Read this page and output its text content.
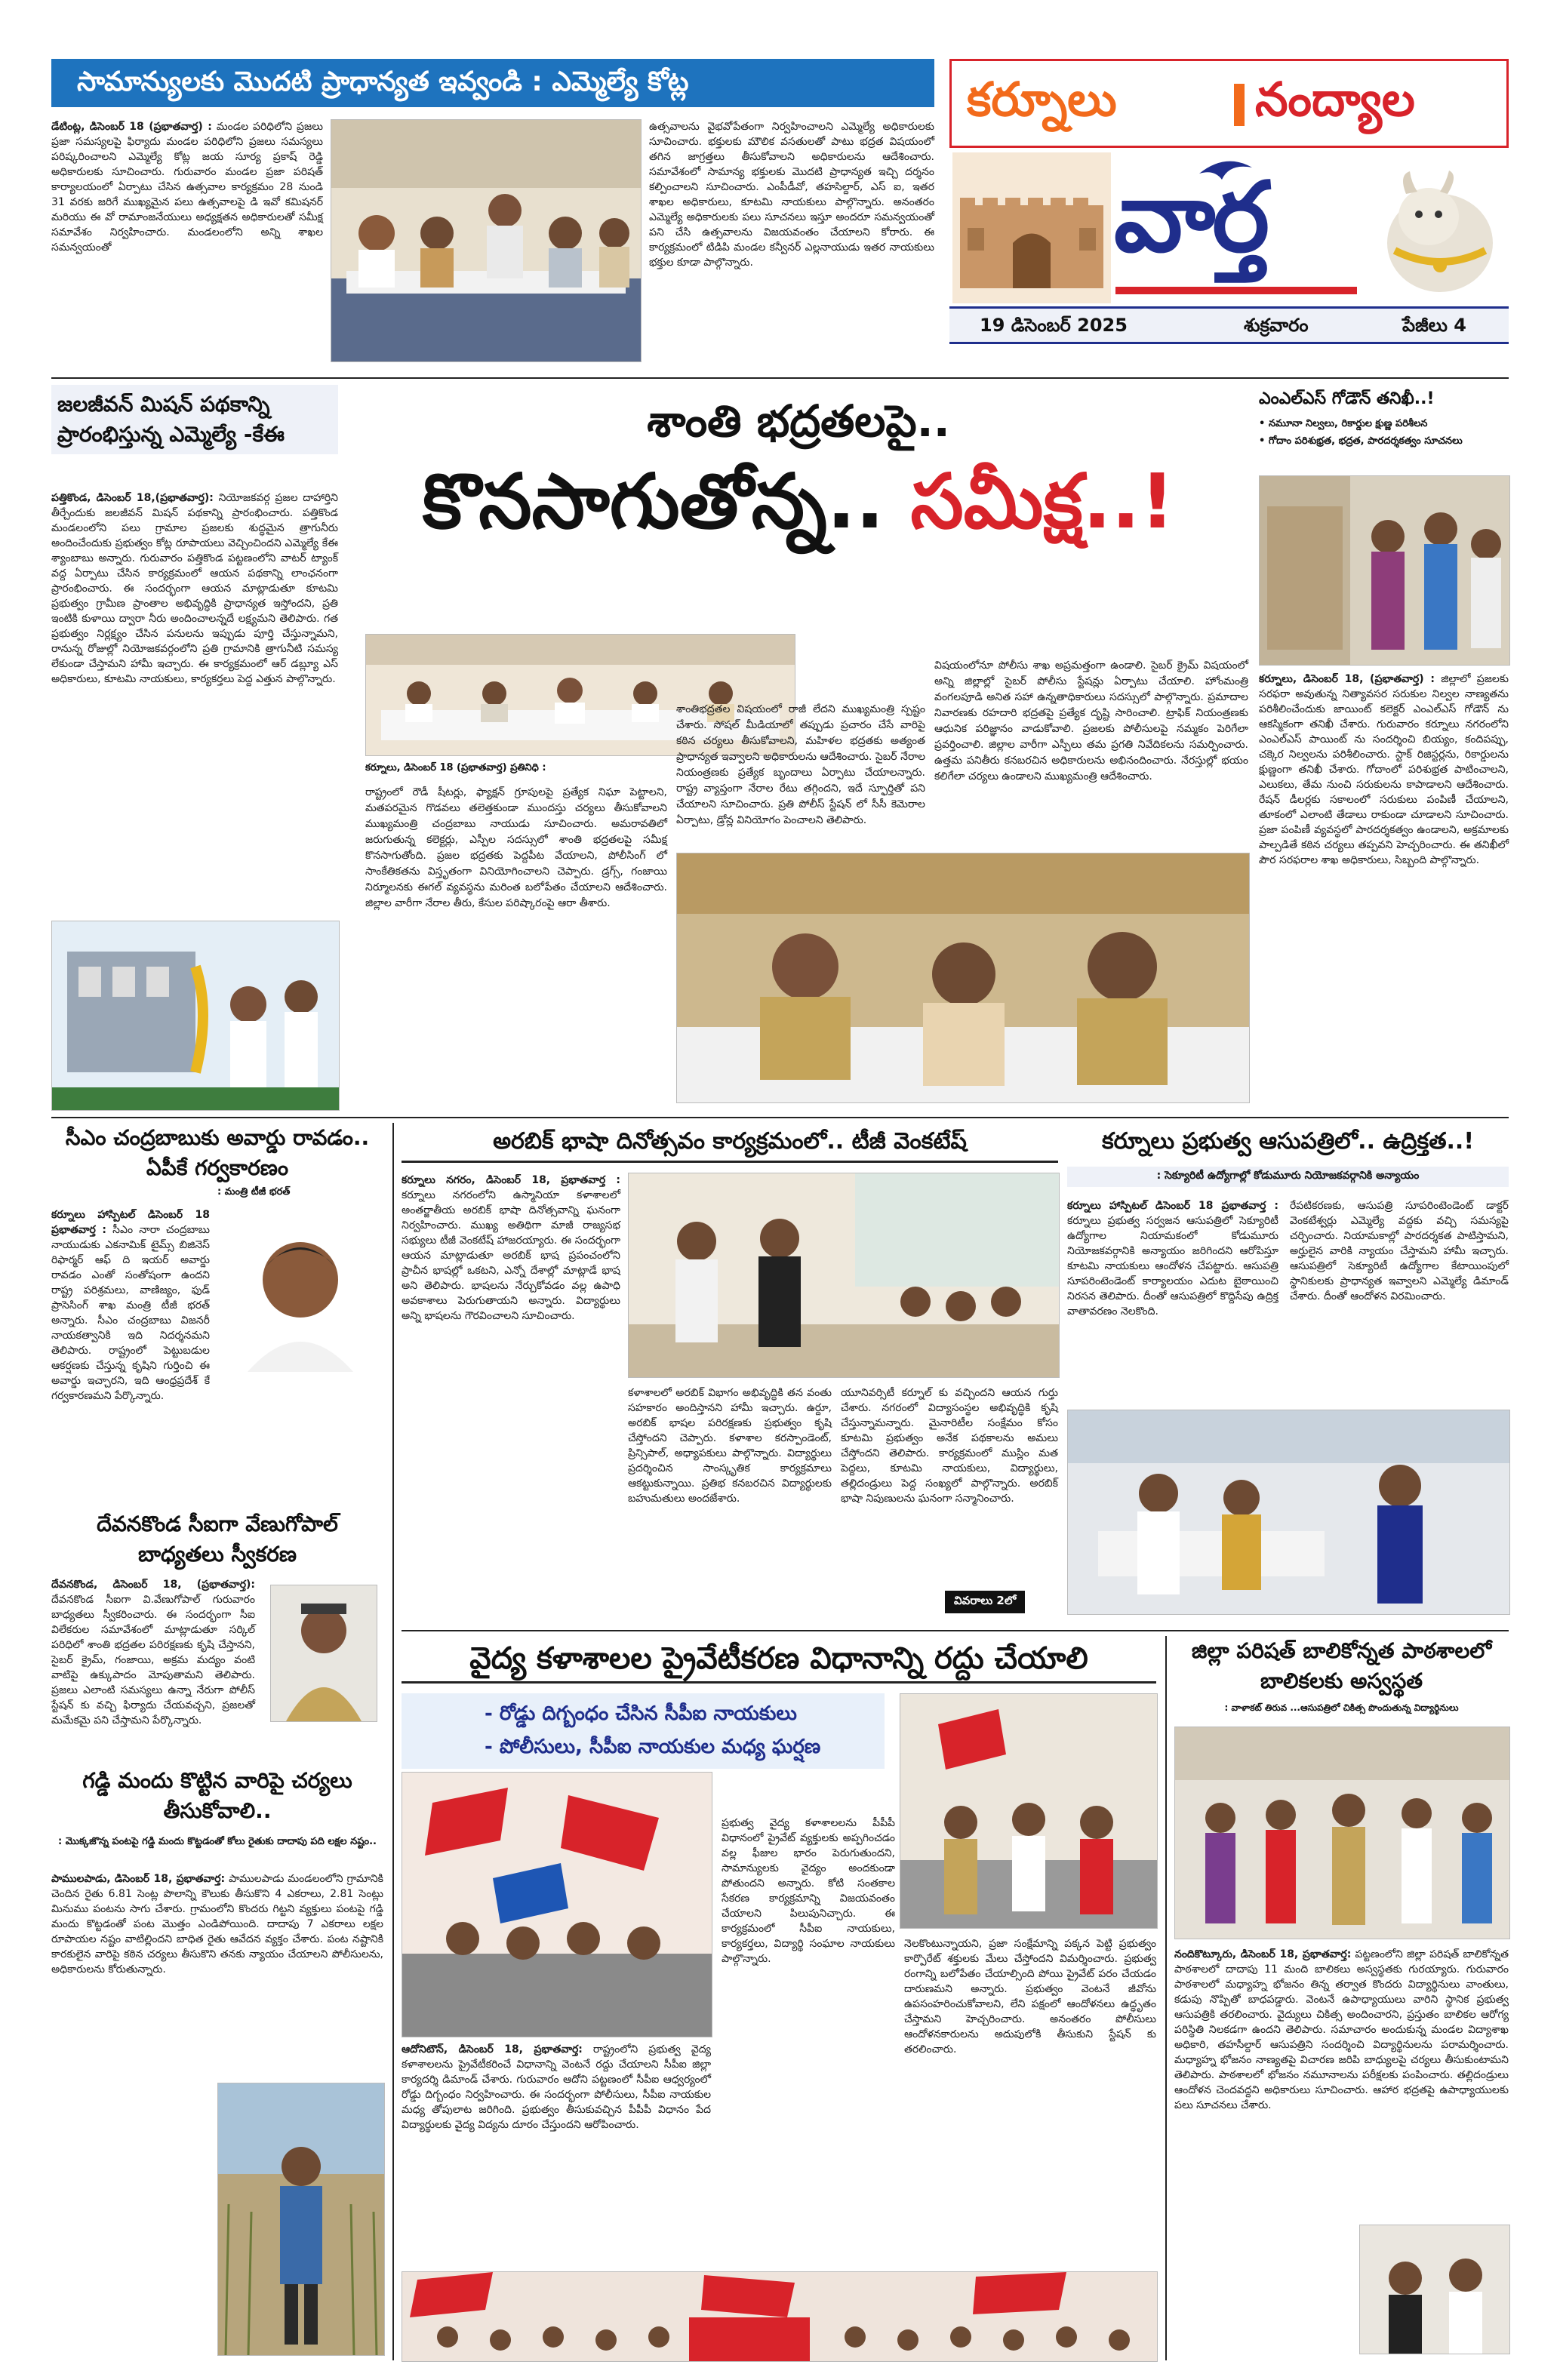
కర్నూలు	నంద్యాల
వార్త
19 డిసెంబర్ 2025	శుక్రవారం	పేజీలు 4
సామాన్యులకు మొదటి ప్రాధాన్యత ఇవ్వండి : ఎమ్మెల్యే కోట్ల
డేటింట్ల, డిసెంబర్ 18 (ప్రభాతవార్త) : మండల పరిధిలోని ప్రజలు ప్రజా సమస్యలపై ఫిర్యాదు మండల పరిధిలోని ప్రజలు సమస్యలు పరిష్కరించాలని ఎమ్మెల్యే కోట్ల జయ సూర్య ప్రకాష్ రెడ్డి అధికారులకు సూచించారు. గురువారం మండల ప్రజా పరిషత్ కార్యాలయంలో ఏర్పాటు చేసిన ఉత్సవాల కార్యక్రమం 28 నుండి 31 వరకు జరిగే ముఖ్యమైన పలు ఉత్సవాలపై డి ఇవో కమిషనర్ మరియు ఈ వో రామాంజనేయులు అధ్యక్షతన అధికారులతో సమీక్ష సమావేశం నిర్వహించారు. మండలంలోని అన్ని శాఖల సమన్వయంతో
ఉత్సవాలను వైభవోపేతంగా నిర్వహించాలని ఎమ్మెల్యే అధికారులకు సూచించారు. భక్తులకు మౌలిక వసతులతో పాటు భద్రత విషయంలో తగిన జాగ్రత్తలు తీసుకోవాలని అధికారులను ఆదేశించారు. సమావేశంలో సామాన్య భక్తులకు మొదటి ప్రాధాన్యత ఇచ్చి దర్శనం కల్పించాలని సూచించారు. ఎంపీడీవో, తహసిల్దార్, ఎస్ ఐ, ఇతర శాఖల అధికారులు, కూటమి నాయకులు పాల్గొన్నారు. అనంతరం ఎమ్మెల్యే అధికారులకు పలు సూచనలు ఇస్తూ అందరూ సమన్వయంతో పని చేసి ఉత్సవాలను విజయవంతం చేయాలని కోరారు. ఈ కార్యక్రమంలో టిడిపి మండల కన్వీనర్ ఎల్లనాయుడు ఇతర నాయకులు భక్తుల కూడా పాల్గొన్నారు.
జలజీవన్ మిషన్ పథకాన్ని ప్రారంభిస్తున్న ఎమ్మెల్యే -కేఈ
పత్తికొండ, డిసెంబర్ 18,(ప్రభాతవార్త): నియోజకవర్గ ప్రజల దాహార్తిని తీర్చేందుకు జలజీవన్ మిషన్ పథకాన్ని ప్రారంభించారు. పత్తికొండ మండలంలోని పలు గ్రామాల ప్రజలకు శుద్ధమైన త్రాగునీరు అందించేందుకు ప్రభుత్వం కోట్ల రూపాయలు వెచ్చించిందని ఎమ్మెల్యే కేఈ శ్యాంబాబు అన్నారు. గురువారం పత్తికొండ పట్టణంలోని వాటర్ ట్యాంక్ వద్ద ఏర్పాటు చేసిన కార్యక్రమంలో ఆయన పథకాన్ని లాంఛనంగా ప్రారంభించారు. ఈ సందర్భంగా ఆయన మాట్లాడుతూ కూటమి ప్రభుత్వం గ్రామీణ ప్రాంతాల అభివృద్ధికి ప్రాధాన్యత ఇస్తోందని, ప్రతి ఇంటికి కుళాయి ద్వారా నీరు అందించాలన్నదే లక్ష్యమని తెలిపారు. గత ప్రభుత్వం నిర్లక్ష్యం చేసిన పనులను ఇప్పుడు పూర్తి చేస్తున్నామని, రానున్న రోజుల్లో నియోజకవర్గంలోని ప్రతి గ్రామానికి త్రాగునీటి సమస్య లేకుండా చేస్తామని హామీ ఇచ్చారు. ఈ కార్యక్రమంలో ఆర్ డబ్ల్యూ ఎస్ అధికారులు, కూటమి నాయకులు, కార్యకర్తలు పెద్ద ఎత్తున పాల్గొన్నారు.
శాంతి భద్రతలపై..
కొనసాగుతోన్న.. సమీక్ష..!
కర్నూలు, డిసెంబర్ 18 (ప్రభాతవార్త) ప్రతినిధి :
రాష్ట్రంలో రౌడీ షీటర్లు, ఫ్యాక్షన్ గ్రూపులపై ప్రత్యేక నిఘా పెట్టాలని, మతపరమైన గొడవలు తలెత్తకుండా ముందస్తు చర్యలు తీసుకోవాలని ముఖ్యమంత్రి చంద్రబాబు నాయుడు సూచించారు. అమరావతిలో జరుగుతున్న కలెక్టర్లు, ఎస్పీల సదస్సులో శాంతి భద్రతలపై సమీక్ష కొనసాగుతోంది. ప్రజల భద్రతకు పెద్దపీట వేయాలని, పోలీసింగ్ లో సాంకేతికతను విస్తృతంగా వినియోగించాలని చెప్పారు. డ్రగ్స్, గంజాయి నిర్మూలనకు ఈగల్ వ్యవస్థను మరింత బలోపేతం చేయాలని ఆదేశించారు. జిల్లాల వారీగా నేరాల తీరు, కేసుల పరిష్కారంపై ఆరా తీశారు.
శాంతిభద్రతల విషయంలో రాజీ లేదని ముఖ్యమంత్రి స్పష్టం చేశారు. సోషల్ మీడియాలో తప్పుడు ప్రచారం చేసే వారిపై కఠిన చర్యలు తీసుకోవాలని, మహిళల భద్రతకు అత్యంత ప్రాధాన్యత ఇవ్వాలని అధికారులను ఆదేశించారు. సైబర్ నేరాల నియంత్రణకు ప్రత్యేక బృందాలు ఏర్పాటు చేయాలన్నారు. రాష్ట్ర వ్యాప్తంగా నేరాల రేటు తగ్గిందని, ఇదే స్ఫూర్తితో పని చేయాలని సూచించారు. ప్రతి పోలీస్ స్టేషన్ లో సీసీ కెమెరాల ఏర్పాటు, డ్రోన్ల వినియోగం పెంచాలని తెలిపారు.
విషయంలోనూ పోలీసు శాఖ అప్రమత్తంగా ఉండాలి. సైబర్ క్రైమ్ విషయంలో అన్ని జిల్లాల్లో సైబర్ పోలీసు స్టేషన్లు ఏర్పాటు చేయాలి. హోంమంత్రి వంగలపూడి అనిత సహా ఉన్నతాధికారులు సదస్సులో పాల్గొన్నారు. ప్రమాదాల నివారణకు రహదారి భద్రతపై ప్రత్యేక దృష్టి సారించాలి. ట్రాఫిక్ నియంత్రణకు ఆధునిక పరిజ్ఞానం వాడుకోవాలి. ప్రజలకు పోలీసులపై నమ్మకం పెరిగేలా ప్రవర్తించాలి. జిల్లాల వారీగా ఎస్పీలు తమ ప్రగతి నివేదికలను సమర్పించారు. ఉత్తమ పనితీరు కనబరచిన అధికారులను అభినందించారు. నేరస్తుల్లో భయం కలిగేలా చర్యలు ఉండాలని ముఖ్యమంత్రి ఆదేశించారు.
ఎంఎల్ఎస్ గోడౌన్ తనిఖీ..!
• నమూనా నిల్వలు, రికార్డుల క్షుణ్ణ పరిశీలన
• గోదాం పరిశుభ్రత, భద్రత, పారదర్శకత్వం సూచనలు
కర్నూలు, డిసెంబర్ 18, (ప్రభాతవార్త) : జిల్లాలో ప్రజలకు సరఫరా అవుతున్న నిత్యావసర సరుకుల నిల్వల నాణ్యతను పరిశీలించేందుకు జాయింట్ కలెక్టర్ ఎంఎల్ఎస్ గోడౌన్ ను ఆకస్మికంగా తనిఖీ చేశారు. గురువారం కర్నూలు నగరంలోని ఎంఎల్ఎస్ పాయింట్ ను సందర్శించి బియ్యం, కందిపప్పు, చక్కెర నిల్వలను పరిశీలించారు. స్టాక్ రిజిస్టర్లను, రికార్డులను క్షుణ్ణంగా తనిఖీ చేశారు. గోదాంలో పరిశుభ్రత పాటించాలని, ఎలుకలు, తేమ నుంచి సరుకులను కాపాడాలని ఆదేశించారు. రేషన్ డీలర్లకు సకాలంలో సరుకులు పంపిణీ చేయాలని, తూకంలో ఎలాంటి తేడాలు రాకుండా చూడాలని సూచించారు. ప్రజా పంపిణీ వ్యవస్థలో పారదర్శకత్వం ఉండాలని, అక్రమాలకు పాల్పడితే కఠిన చర్యలు తప్పవని హెచ్చరించారు. ఈ తనిఖీలో పౌర సరఫరాల శాఖ అధికారులు, సిబ్బంది పాల్గొన్నారు.
సీఎం చంద్రబాబుకు అవార్డు రావడం.. ఏపీకే గర్వకారణం
: మంత్రి టీజీ భరత్
కర్నూలు హాస్పిటల్ డిసెంబర్ 18 ప్రభాతవార్త : సీఎం నారా చంద్రబాబు నాయుడుకు ఎకనామిక్ టైమ్స్ బిజినెస్ రిఫార్మర్ ఆఫ్ ది ఇయర్ అవార్డు రావడం ఎంతో సంతోషంగా ఉందని రాష్ట్ర పరిశ్రమలు, వాణిజ్యం, ఫుడ్ ప్రాసెసింగ్ శాఖ మంత్రి టీజీ భరత్ అన్నారు. సీఎం చంద్రబాబు విజనరీ నాయకత్వానికి ఇది నిదర్శనమని తెలిపారు. రాష్ట్రంలో పెట్టుబడుల ఆకర్షణకు చేస్తున్న కృషిని గుర్తించి ఈ అవార్డు ఇచ్చారని, ఇది ఆంధ్రప్రదేశ్ కే గర్వకారణమని పేర్కొన్నారు.
దేవనకొండ సీఐగా వేణుగోపాల్ బాధ్యతలు స్వీకరణ
దేవనకొండ, డిసెంబర్ 18, (ప్రభాతవార్త): దేవనకొండ సీఐగా వి.వేణుగోపాల్ గురువారం బాధ్యతలు స్వీకరించారు. ఈ సందర్భంగా సీఐ విలేకరుల సమావేశంలో మాట్లాడుతూ సర్కిల్ పరిధిలో శాంతి భద్రతల పరిరక్షణకు కృషి చేస్తానని, సైబర్ క్రైమ్, గంజాయి, అక్రమ మద్యం వంటి వాటిపై ఉక్కుపాదం మోపుతామని తెలిపారు. ప్రజలు ఎలాంటి సమస్యలు ఉన్నా నేరుగా పోలీస్ స్టేషన్ కు వచ్చి ఫిర్యాదు చేయవచ్చని, ప్రజలతో మమేకమై పని చేస్తామని పేర్కొన్నారు.
గడ్డి మందు కొట్టిన వారిపై చర్యలు తీసుకోవాలి..
: మొక్కజొన్న పంటపై గడ్డి మందు కొట్టడంతో కోలు రైతుకు దాదాపు పది లక్షల నష్టం..
పాములపాడు, డిసెంబర్ 18, ప్రభాతవార్త: పాములపాడు మండలంలోని గ్రామానికి చెందిన రైతు 6.81 సెంట్ల పొలాన్ని కౌలుకు తీసుకొని 4 ఎకరాలు, 2.81 సెంట్లు మినుము పంటను సాగు చేశారు. గ్రామంలోని కొందరు గిట్టని వ్యక్తులు పంటపై గడ్డి మందు కొట్టడంతో పంట మొత్తం ఎండిపోయింది. దాదాపు 7 ఎకరాలు లక్షల రూపాయల నష్టం వాటిల్లిందని బాధిత రైతు ఆవేదన వ్యక్తం చేశారు. పంట నష్టానికి కారకులైన వారిపై కఠిన చర్యలు తీసుకొని తనకు న్యాయం చేయాలని పోలీసులను, అధికారులను కోరుతున్నారు.
అరబిక్ భాషా దినోత్సవం కార్యక్రమంలో.. టీజీ వెంకటేష్
కర్నూలు నగరం, డిసెంబర్ 18, ప్రభాతవార్త : కర్నూలు నగరంలోని ఉస్మానియా కళాశాలలో అంతర్జాతీయ అరబిక్ భాషా దినోత్సవాన్ని ఘనంగా నిర్వహించారు. ముఖ్య అతిథిగా మాజీ రాజ్యసభ సభ్యులు టీజీ వెంకటేష్ హాజరయ్యారు. ఈ సందర్భంగా ఆయన మాట్లాడుతూ అరబిక్ భాష ప్రపంచంలోని ప్రాచీన భాషల్లో ఒకటని, ఎన్నో దేశాల్లో మాట్లాడే భాష అని తెలిపారు. భాషలను నేర్చుకోవడం వల్ల ఉపాధి అవకాశాలు పెరుగుతాయని అన్నారు. విద్యార్థులు అన్ని భాషలను గౌరవించాలని సూచించారు.
కళాశాలలో అరబిక్ విభాగం అభివృద్ధికి తన వంతు సహకారం అందిస్తానని హామీ ఇచ్చారు. ఉర్దూ, అరబిక్ భాషల పరిరక్షణకు ప్రభుత్వం కృషి చేస్తోందని చెప్పారు. కళాశాల కరస్పాండెంట్, ప్రిన్సిపాల్, అధ్యాపకులు పాల్గొన్నారు. విద్యార్థులు ప్రదర్శించిన సాంస్కృతిక కార్యక్రమాలు ఆకట్టుకున్నాయి. ప్రతిభ కనబరచిన విద్యార్థులకు బహుమతులు అందజేశారు.
యూనివర్సిటీ కర్నూల్ కు వచ్చిందని ఆయన గుర్తు చేశారు. నగరంలో విద్యాసంస్థల అభివృద్ధికి కృషి చేస్తున్నామన్నారు. మైనారిటీల సంక్షేమం కోసం కూటమి ప్రభుత్వం అనేక పథకాలను అమలు చేస్తోందని తెలిపారు. కార్యక్రమంలో ముస్లిం మత పెద్దలు, కూటమి నాయకులు, విద్యార్థులు, తల్లిదండ్రులు పెద్ద సంఖ్యలో పాల్గొన్నారు. అరబిక్ భాషా నిపుణులను ఘనంగా సన్మానించారు.
వివరాలు 2లో
కర్నూలు ప్రభుత్వ ఆసుపత్రిలో.. ఉద్రిక్తత..!
: సెక్యూరిటీ ఉద్యోగాల్లో కోడుమూరు నియోజకవర్గానికి అన్యాయం
కర్నూలు హాస్పిటల్ డిసెంబర్ 18 ప్రభాతవార్త : కర్నూలు ప్రభుత్వ సర్వజన ఆసుపత్రిలో సెక్యూరిటీ ఉద్యోగాల నియామకంలో కోడుమూరు నియోజకవర్గానికి అన్యాయం జరిగిందని ఆరోపిస్తూ కూటమి నాయకులు ఆందోళన చేపట్టారు. ఆసుపత్రి సూపరింటెండెంట్ కార్యాలయం ఎదుట బైఠాయించి నిరసన తెలిపారు. దీంతో ఆసుపత్రిలో కొద్దిసేపు ఉద్రిక్త వాతావరణం నెలకొంది.
రేపటికరణకు, ఆసుపత్రి సూపరింటెండెంట్ డాక్టర్ వెంకటేశ్వర్లు ఎమ్మెల్యే వద్దకు వచ్చి సమస్యపై చర్చించారు. నియామకాల్లో పారదర్శకత పాటిస్తామని, అర్హులైన వారికి న్యాయం చేస్తామని హామీ ఇచ్చారు. ఆసుపత్రిలో సెక్యూరిటీ ఉద్యోగాల కేటాయింపులో స్థానికులకు ప్రాధాన్యత ఇవ్వాలని ఎమ్మెల్యే డిమాండ్ చేశారు. దీంతో ఆందోళన విరమించారు.
వైద్య కళాశాలల ప్రైవేటీకరణ విధానాన్ని రద్దు చేయాలి
- రోడ్డు దిగ్బంధం చేసిన సీపీఐ నాయకులు
- పోలీసులు, సీపీఐ నాయకుల మధ్య ఘర్షణ
ఆదోనిటౌన్, డిసెంబర్ 18, ప్రభాతవార్త: రాష్ట్రంలోని ప్రభుత్వ వైద్య కళాశాలలను ప్రైవేటీకరించే విధానాన్ని వెంటనే రద్దు చేయాలని సీపీఐ జిల్లా కార్యదర్శి డిమాండ్ చేశారు. గురువారం ఆదోని పట్టణంలో సీపీఐ ఆధ్వర్యంలో రోడ్డు దిగ్బంధం నిర్వహించారు. ఈ సందర్భంగా పోలీసులు, సీపీఐ నాయకుల మధ్య తోపులాట జరిగింది. ప్రభుత్వం తీసుకువచ్చిన పీపీపీ విధానం పేద విద్యార్థులకు వైద్య విద్యను దూరం చేస్తుందని ఆరోపించారు.
ప్రభుత్వ వైద్య కళాశాలలను పీపీపీ విధానంలో ప్రైవేట్ వ్యక్తులకు అప్పగించడం వల్ల ఫీజుల భారం పెరుగుతుందని, సామాన్యులకు వైద్యం అందకుండా పోతుందని అన్నారు. కోటి సంతకాల సేకరణ కార్యక్రమాన్ని విజయవంతం చేయాలని పిలుపునిచ్చారు. ఈ కార్యక్రమంలో సీపీఐ నాయకులు, కార్యకర్తలు, విద్యార్థి సంఘాల నాయకులు పాల్గొన్నారు.
నెలకొంటున్నాయని, ప్రజా సంక్షేమాన్ని పక్కన పెట్టి ప్రభుత్వం కార్పొరేట్ శక్తులకు మేలు చేస్తోందని విమర్శించారు. ప్రభుత్వ రంగాన్ని బలోపేతం చేయాల్సింది పోయి ప్రైవేట్ పరం చేయడం దారుణమని అన్నారు. ప్రభుత్వం వెంటనే జీవోను ఉపసంహరించుకోవాలని, లేని పక్షంలో ఆందోళనలు ఉద్ధృతం చేస్తామని హెచ్చరించారు. అనంతరం పోలీసులు ఆందోళనకారులను అదుపులోకి తీసుకుని స్టేషన్ కు తరలించారు.
జిల్లా పరిషత్ బాలికోన్నత పాఠశాలలో బాలికలకు అస్వస్థత
: వాళాకట్ తిరువ ...ఆసుపత్రిలో చికిత్స పొందుతున్న విద్యార్థినులు
నందికొట్కూరు, డిసెంబర్ 18, ప్రభాతవార్త: పట్టణంలోని జిల్లా పరిషత్ బాలికోన్నత పాఠశాలలో దాదాపు 11 మంది బాలికలు అస్వస్థతకు గురయ్యారు. గురువారం పాఠశాలలో మధ్యాహ్న భోజనం తిన్న తర్వాత కొందరు విద్యార్థినులు వాంతులు, కడుపు నొప్పితో బాధపడ్డారు. వెంటనే ఉపాధ్యాయులు వారిని స్థానిక ప్రభుత్వ ఆసుపత్రికి తరలించారు. వైద్యులు చికిత్స అందించారని, ప్రస్తుతం బాలికల ఆరోగ్య పరిస్థితి నిలకడగా ఉందని తెలిపారు. సమాచారం అందుకున్న మండల విద్యాశాఖ అధికారి, తహసీల్దార్ ఆసుపత్రిని సందర్శించి విద్యార్థినులను పరామర్శించారు. మధ్యాహ్న భోజనం నాణ్యతపై విచారణ జరిపి బాధ్యులపై చర్యలు తీసుకుంటామని తెలిపారు. పాఠశాలలో భోజనం నమూనాలను పరీక్షలకు పంపించారు. తల్లిదండ్రులు ఆందోళన చెందవద్దని అధికారులు సూచించారు. ఆహార భద్రతపై ఉపాధ్యాయులకు పలు సూచనలు చేశారు.
